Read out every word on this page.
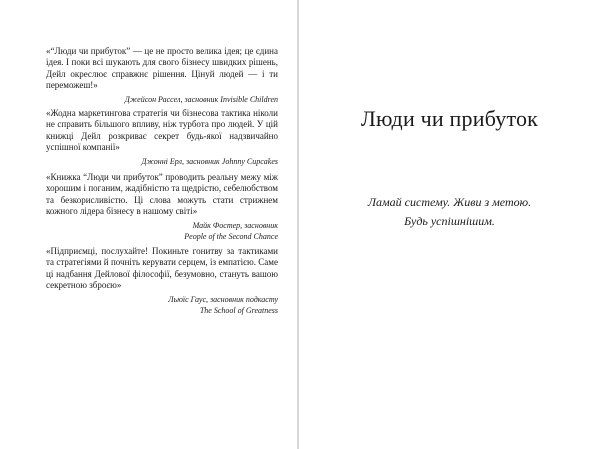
«“Люди чи прибуток” — це не просто велика ідея; це єдина ідея. І поки всі шукають для свого бізнесу швидких рішень, Дейл окреслює справжнє рішення. Цінуй людей — і ти переможеш!»

Джейсон Рассел, засновник Invisible Children

«Жодна маркетингова стратегія чи бізнесова тактика ніколи не справить більшого впливу, ніж турбота про людей. У цій книжці Дейл розкриває секрет будь-якої надзвичайно успішної компанії»

Джонні Ерл, засновник Johnny Cupcakes

«Книжка “Люди чи прибуток” проводить реальну межу між хорошим і поганим, жадібністю та щедрістю, себелюбством та безкорисливістю. Ці слова можуть стати стрижнем кожного лідера бізнесу в нашому світі»

Майк Фостер, засновник
People of the Second Chance

«Підприємці, послухайте! Покиньте гонитву за тактиками та стратегіями й почніть керувати серцем, із емпатією. Саме ці надбання Дейлової філософії, безумовно, стануть вашою секретною зброєю»

Льюїс Гаус, засновник подкасту
The School of Greatness
Люди чи прибуток

Ламай систему. Живи з метою.

Будь успішнішим.
